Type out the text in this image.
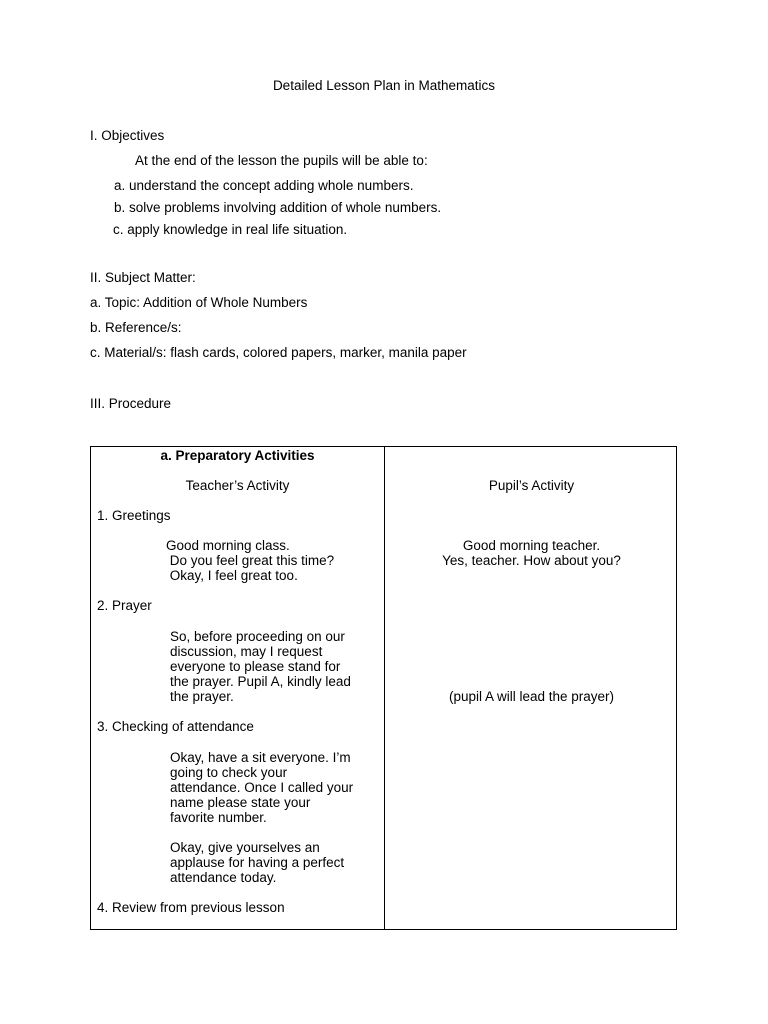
Detailed Lesson Plan in Mathematics
I. Objectives
At the end of the lesson the pupils will be able to:
a. understand the concept adding whole numbers.
b. solve problems involving addition of whole numbers.
c. apply knowledge in real life situation.
II. Subject Matter:
a. Topic: Addition of Whole Numbers
b. Reference/s:
c. Material/s: flash cards, colored papers, marker, manila paper
III. Procedure
a. Preparatory Activities
Teacher’s Activity	Pupil’s Activity
1. Greetings
Good morning class.
Do you feel great this time?
Okay, I feel great too.
Good morning teacher.
Yes, teacher. How about you?
2. Prayer
So, before proceeding on our
discussion, may I request
everyone to please stand for
the prayer. Pupil A, kindly lead
the prayer.	(pupil A will lead the prayer)
3. Checking of attendance
Okay, have a sit everyone. I’m
going to check your
attendance. Once I called your
name please state your
favorite number.
Okay, give yourselves an
applause for having a perfect
attendance today.
4. Review from previous lesson
